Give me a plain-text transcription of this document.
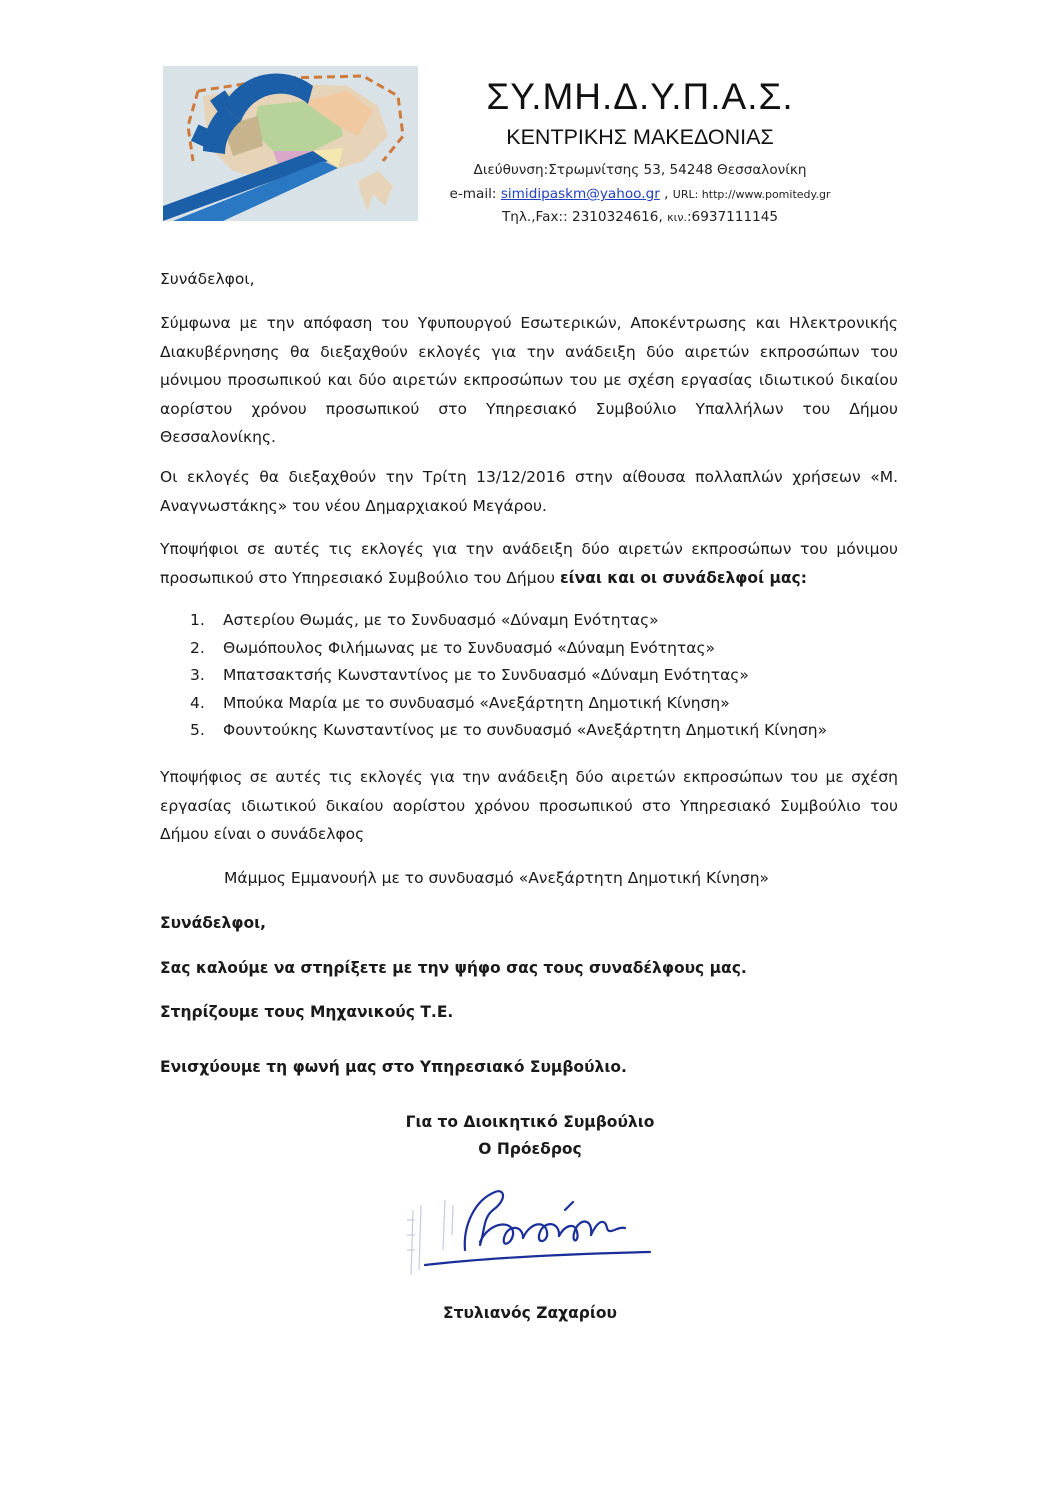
ΣΥ.ΜΗ.Δ.Υ.Π.Α.Σ.
ΚΕΝΤΡΙΚΗΣ ΜΑΚΕΔΟΝΙΑΣ
Διεύθυνση:Στρωμνίτσης 53, 54248 Θεσσαλονίκη
e-mail: simidipaskm@yahoo.gr , URL: http://www.pomitedy.gr
Τηλ.,Fax:: 2310324616, κιν.:6937111145
Συνάδελφοι,
Σύμφωνα με την απόφαση του Υφυπουργού Εσωτερικών, Αποκέντρωσης και Ηλεκτρονικής Διακυβέρνησης θα διεξαχθούν εκλογές για την ανάδειξη δύο αιρετών εκπροσώπων του μόνιμου προσωπικού και δύο αιρετών εκπροσώπων του με σχέση εργασίας ιδιωτικού δικαίου αορίστου χρόνου προσωπικού στο Υπηρεσιακό Συμβούλιο Υπαλλήλων του Δήμου Θεσσαλονίκης.
Οι εκλογές θα διεξαχθούν την Τρίτη 13/12/2016 στην αίθουσα πολλαπλών χρήσεων «Μ. Αναγνωστάκης» του νέου Δημαρχιακού Μεγάρου.
Υποψήφιοι σε αυτές τις εκλογές για την ανάδειξη δύο αιρετών εκπροσώπων του μόνιμου προσωπικού στο Υπηρεσιακό Συμβούλιο του Δήμου είναι και οι συνάδελφοί μας:
1. Αστερίου Θωμάς, με το Συνδυασμό «Δύναμη Ενότητας»
2. Θωμόπουλος Φιλήμωνας με το Συνδυασμό «Δύναμη Ενότητας»
3. Μπατσακτσής Κωνσταντίνος με το Συνδυασμό «Δύναμη Ενότητας»
4. Μπούκα Μαρία με το συνδυασμό «Ανεξάρτητη Δημοτική Κίνηση»
5. Φουντούκης Κωνσταντίνος με το συνδυασμό «Ανεξάρτητη Δημοτική Κίνηση»
Υποψήφιος σε αυτές τις εκλογές για την ανάδειξη δύο αιρετών εκπροσώπων του με σχέση εργασίας ιδιωτικού δικαίου αορίστου χρόνου προσωπικού στο Υπηρεσιακό Συμβούλιο του Δήμου είναι ο συνάδελφος
Μάμμος Εμμανουήλ με το συνδυασμό «Ανεξάρτητη Δημοτική Κίνηση»
Συνάδελφοι,
Σας καλούμε να στηρίξετε με την ψήφο σας τους συναδέλφους μας.
Στηρίζουμε τους Μηχανικούς Τ.Ε.
Ενισχύουμε τη φωνή μας στο Υπηρεσιακό Συμβούλιο.
Για το Διοικητικό Συμβούλιο
Ο Πρόεδρος
Στυλιανός Ζαχαρίου
